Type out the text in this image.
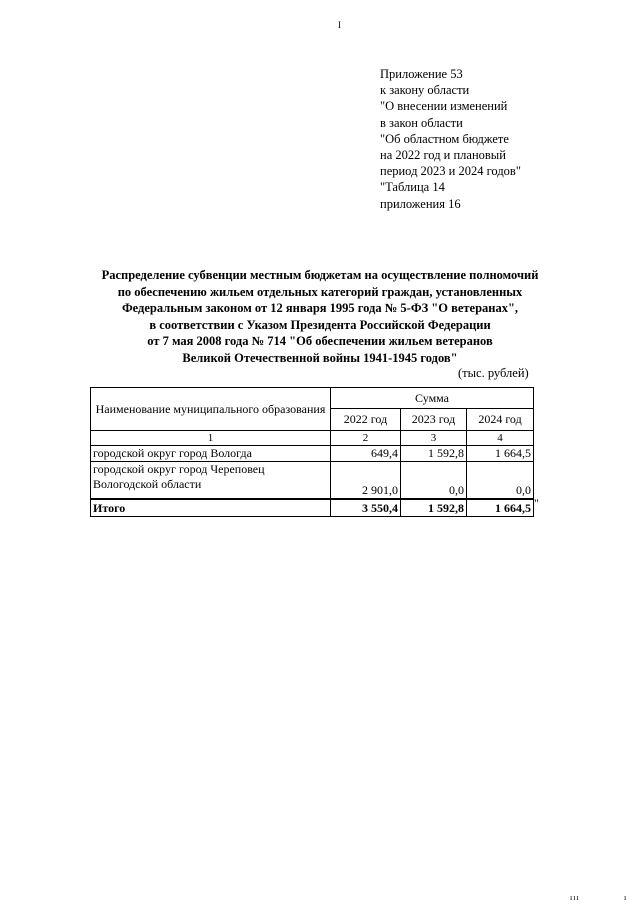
I
Приложение 53
к закону области
"О внесении изменений
в закон области
"Об областном бюджете
на 2022 год и плановый
период 2023 и 2024 годов"
"Таблица 14
приложения 16
Распределение субвенции местным бюджетам на осуществление полномочий
по обеспечению жильем отдельных категорий граждан, установленных
Федеральным законом от 12 января 1995 года № 5-ФЗ "О ветеранах",
в соответствии с Указом Президента Российской Федерации
от 7 мая 2008 года № 714 "Об обеспечении жильем ветеранов
Великой Отечественной войны 1941-1945 годов"
(тыс. рублей)
Наименование муниципального образования	Сумма		
	2022 год	2023 год	2024 год
1	2	3	4
городской округ город Вологда	649,4	1 592,8	1 664,5
городской округ город Череповец Вологодской области	2 901,0	0,0	0,0
Итого	3 550,4	1 592,8	1 664,5 "
ııı	ı
